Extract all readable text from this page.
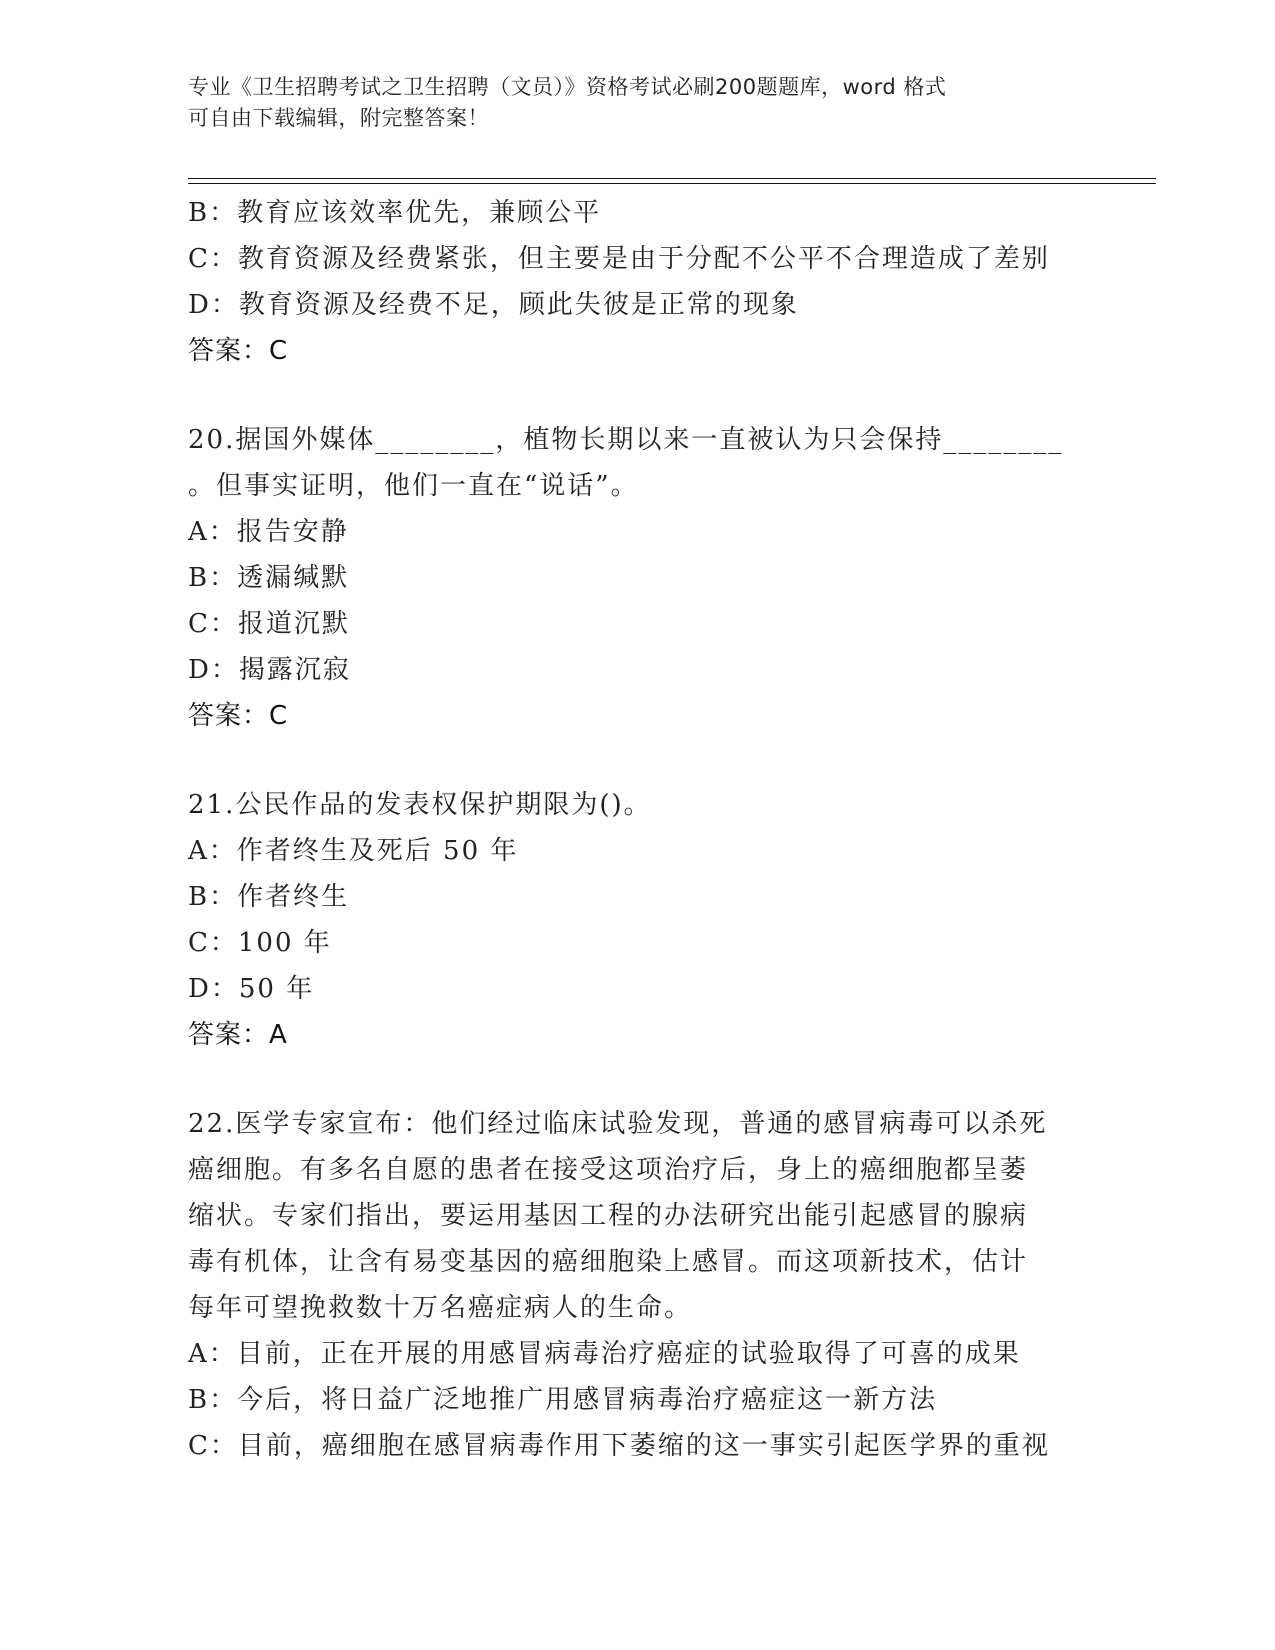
专业《卫生招聘考试之卫生招聘（文员）》资格考试必刷200题题库，word 格式
可自由下载编辑，附完整答案！
B：教育应该效率优先，兼顾公平
C：教育资源及经费紧张，但主要是由于分配不公平不合理造成了差别
D：教育资源及经费不足，顾此失彼是正常的现象
答案：C
20.据国外媒体________，植物长期以来一直被认为只会保持________
。但事实证明，他们一直在“说话”。
A：报告安静
B：透漏缄默
C：报道沉默
D：揭露沉寂
答案：C
21.公民作品的发表权保护期限为()。
A：作者终生及死后 50 年
B：作者终生
C：100 年
D：50 年
答案：A
22.医学专家宣布：他们经过临床试验发现，普通的感冒病毒可以杀死
癌细胞。有多名自愿的患者在接受这项治疗后，身上的癌细胞都呈萎
缩状。专家们指出，要运用基因工程的办法研究出能引起感冒的腺病
毒有机体，让含有易变基因的癌细胞染上感冒。而这项新技术，估计
每年可望挽救数十万名癌症病人的生命。
A：目前，正在开展的用感冒病毒治疗癌症的试验取得了可喜的成果
B：今后，将日益广泛地推广用感冒病毒治疗癌症这一新方法
C：目前，癌细胞在感冒病毒作用下萎缩的这一事实引起医学界的重视
